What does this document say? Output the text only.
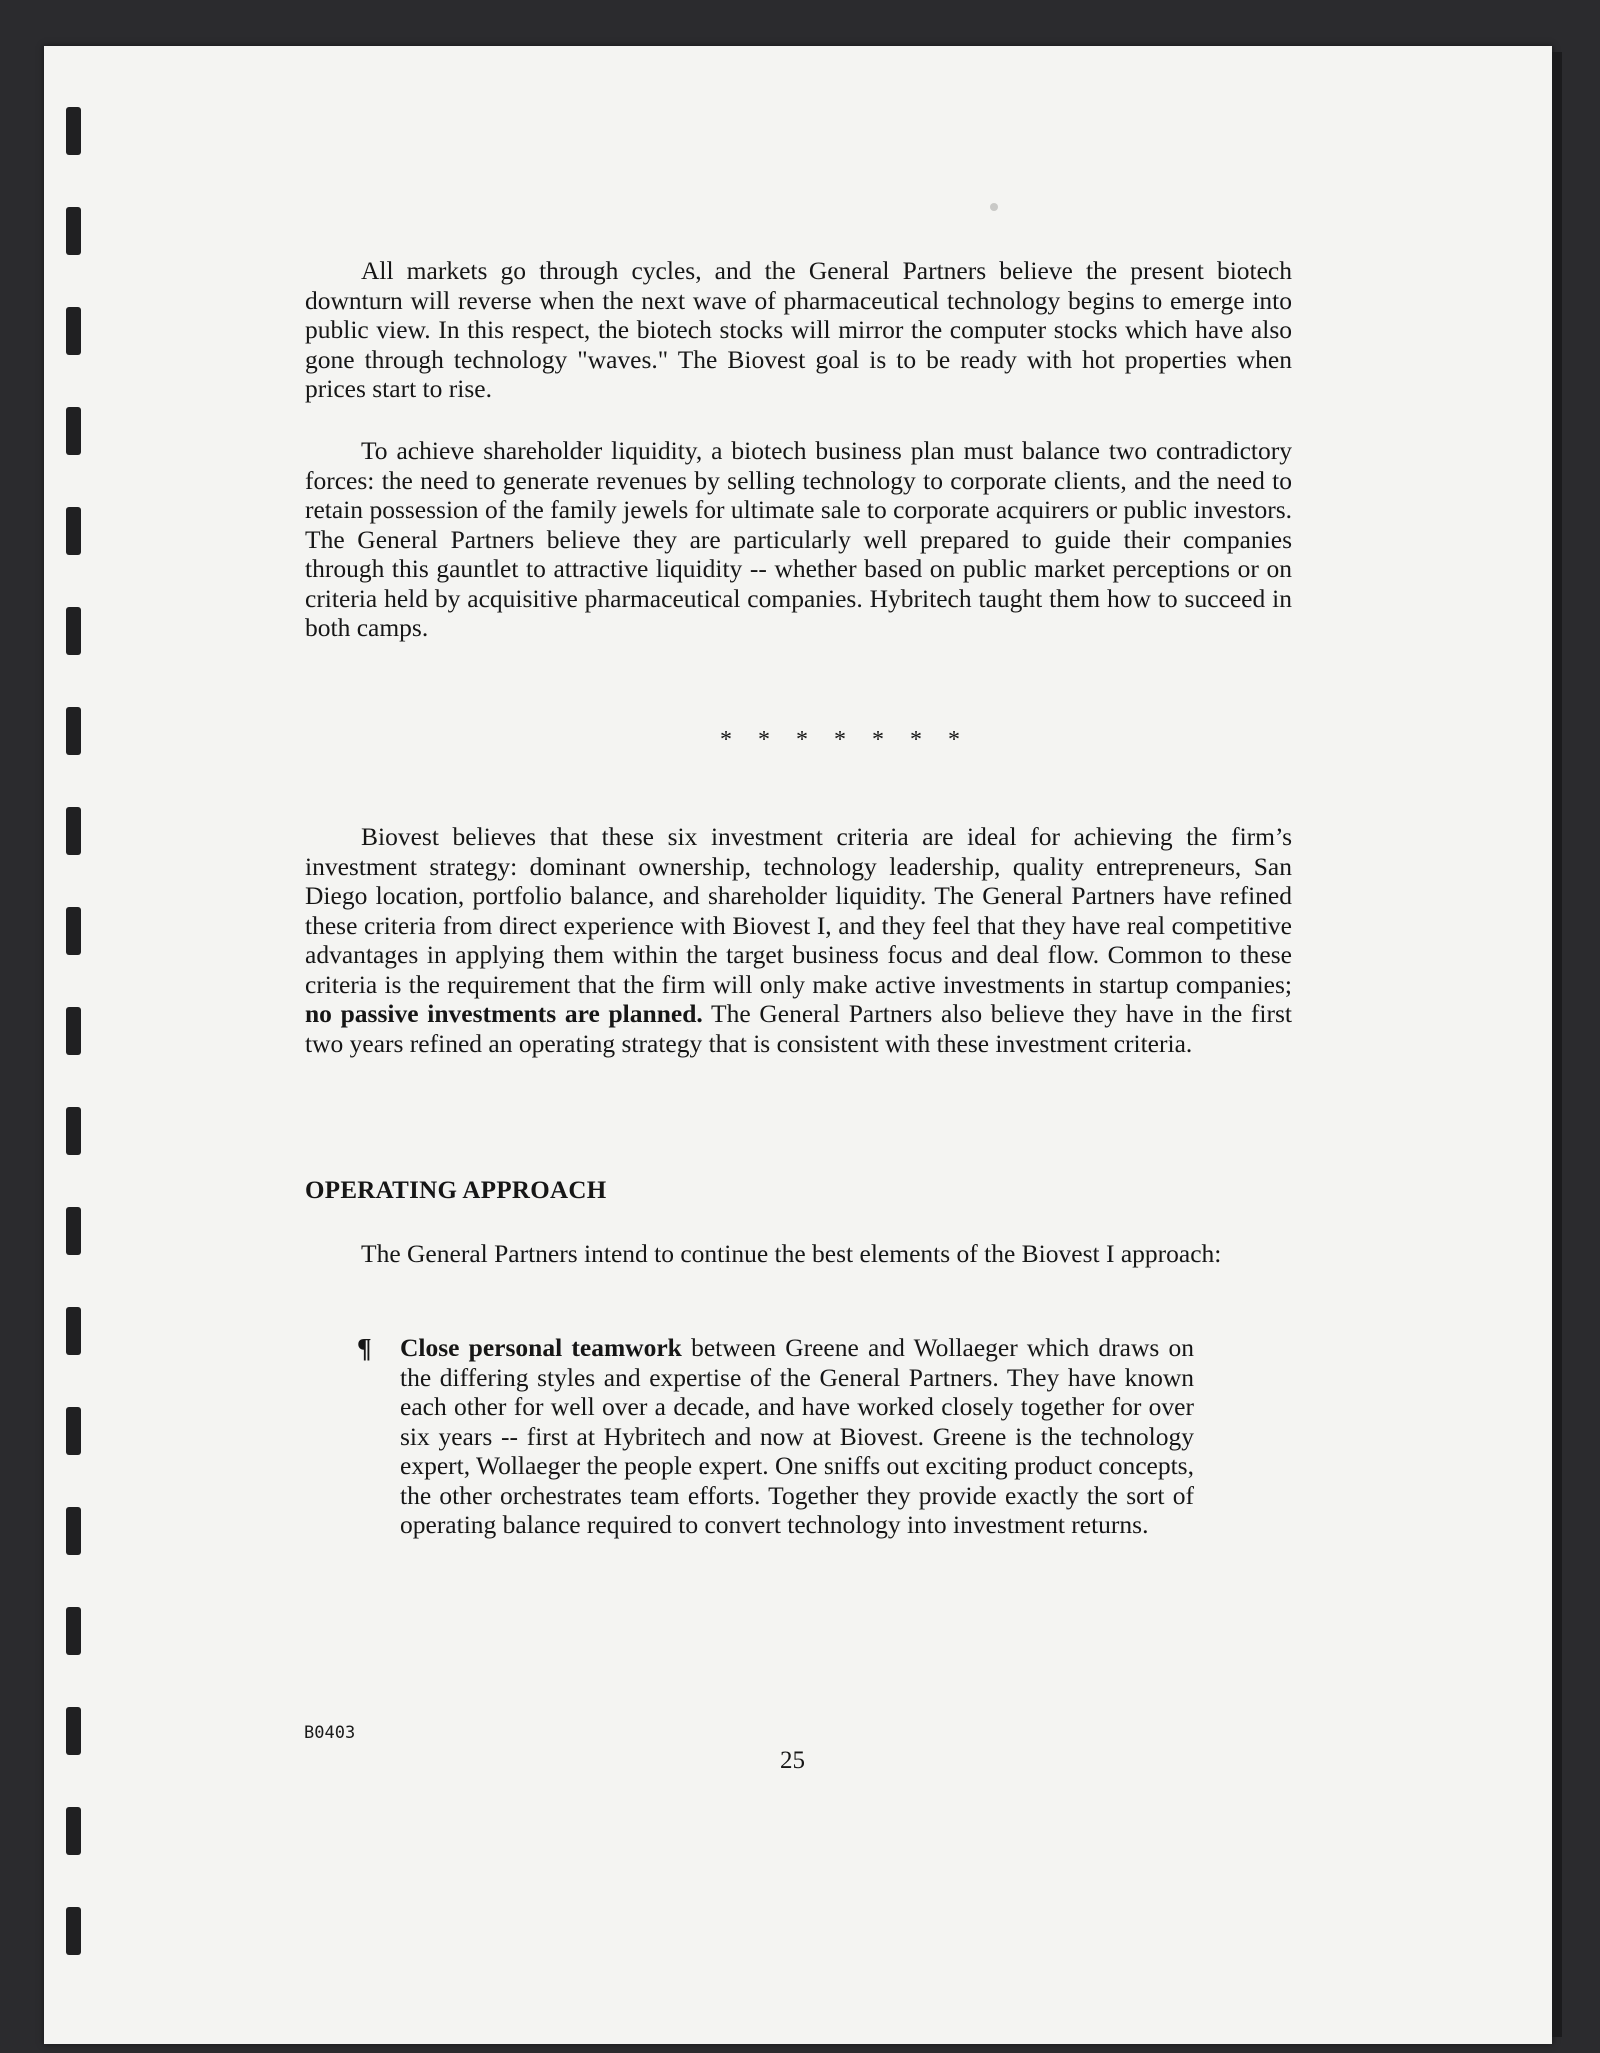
All markets go through cycles, and the General Partners believe the present biotech downturn will reverse when the next wave of pharmaceutical technology begins to emerge into public view. In this respect, the biotech stocks will mirror the computer stocks which have also gone through technology "waves." The Biovest goal is to be ready with hot properties when prices start to rise.

To achieve shareholder liquidity, a biotech business plan must balance two contradictory forces: the need to generate revenues by selling technology to corporate clients, and the need to retain possession of the family jewels for ultimate sale to corporate acquirers or public investors. The General Partners believe they are particularly well prepared to guide their companies through this gauntlet to attractive liquidity -- whether based on public market perceptions or on criteria held by acquisitive pharmaceutical companies. Hybritech taught them how to succeed in both camps.

* * * * * * *

Biovest believes that these six investment criteria are ideal for achieving the firm’s investment strategy: dominant ownership, technology leadership, quality entrepreneurs, San Diego location, portfolio balance, and shareholder liquidity. The General Partners have refined these criteria from direct experience with Biovest I, and they feel that they have real competitive advantages in applying them within the target business focus and deal flow. Common to these criteria is the requirement that the firm will only make active investments in startup companies; no passive investments are planned. The General Partners also believe they have in the first two years refined an operating strategy that is consistent with these investment criteria.

OPERATING APPROACH

The General Partners intend to continue the best elements of the Biovest I approach:

¶ Close personal teamwork between Greene and Wollaeger which draws on the differing styles and expertise of the General Partners. They have known each other for well over a decade, and have worked closely together for over six years -- first at Hybritech and now at Biovest. Greene is the technology expert, Wollaeger the people expert. One sniffs out exciting product concepts, the other orchestrates team efforts. Together they provide exactly the sort of operating balance required to convert technology into investment returns.

B0403
25
